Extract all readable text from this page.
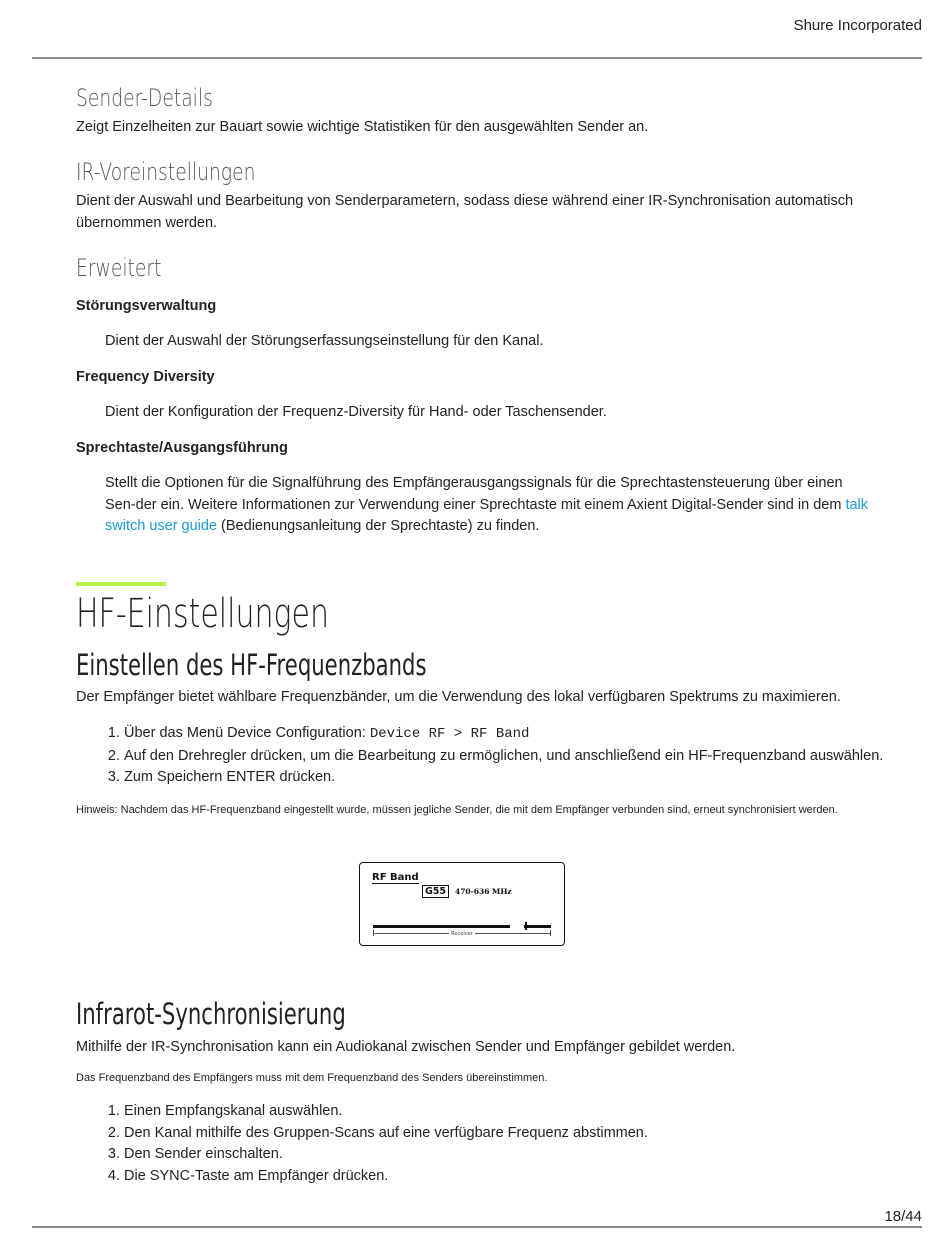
Shure Incorporated
Sender-Details

Zeigt Einzelheiten zur Bauart sowie wichtige Statistiken für den ausgewählten Sender an.

IR-Voreinstellungen

Dient der Auswahl und Bearbeitung von Senderparametern, sodass diese während einer IR-Synchronisation automatisch übernommen werden.

Erweitert
Störungsverwaltung

Dient der Auswahl der Störungserfassungseinstellung für den Kanal.

Frequency Diversity

Dient der Konfiguration der Frequenz-Diversity für Hand- oder Taschensender.

Sprechtaste/Ausgangsführung

Stellt die Optionen für die Signalführung des Empfängerausgangssignals für die Sprechtastensteuerung über einen Sen-der ein. Weitere Informationen zur Verwendung einer Sprechtaste mit einem Axient Digital-Sender sind in dem talk switch user guide (Bedienungsanleitung der Sprechtaste) zu finden.

HF-Einstellungen
Einstellen des HF-Frequenzbands

Der Empfänger bietet wählbare Frequenzbänder, um die Verwendung des lokal verfügbaren Spektrums zu maximieren.

1. Über das Menü Device Configuration: Device RF > RF Band
2. Auf den Drehregler drücken, um die Bearbeitung zu ermöglichen, und anschließend ein HF-Frequenzband auswählen.
3. Zum Speichern ENTER drücken.

Hinweis: Nachdem das HF-Frequenzband eingestellt wurde, müssen jegliche Sender, die mit dem Empfänger verbunden sind, erneut synchronisiert werden.

RF Band
G55	470-636 MHz
Receiver
Infrarot-Synchronisierung

Mithilfe der IR-Synchronisation kann ein Audiokanal zwischen Sender und Empfänger gebildet werden.

Das Frequenzband des Empfängers muss mit dem Frequenzband des Senders übereinstimmen.

1. Einen Empfangskanal auswählen.
2. Den Kanal mithilfe des Gruppen-Scans auf eine verfügbare Frequenz abstimmen.
3. Den Sender einschalten.
4. Die SYNC-Taste am Empfänger drücken.
18/44
